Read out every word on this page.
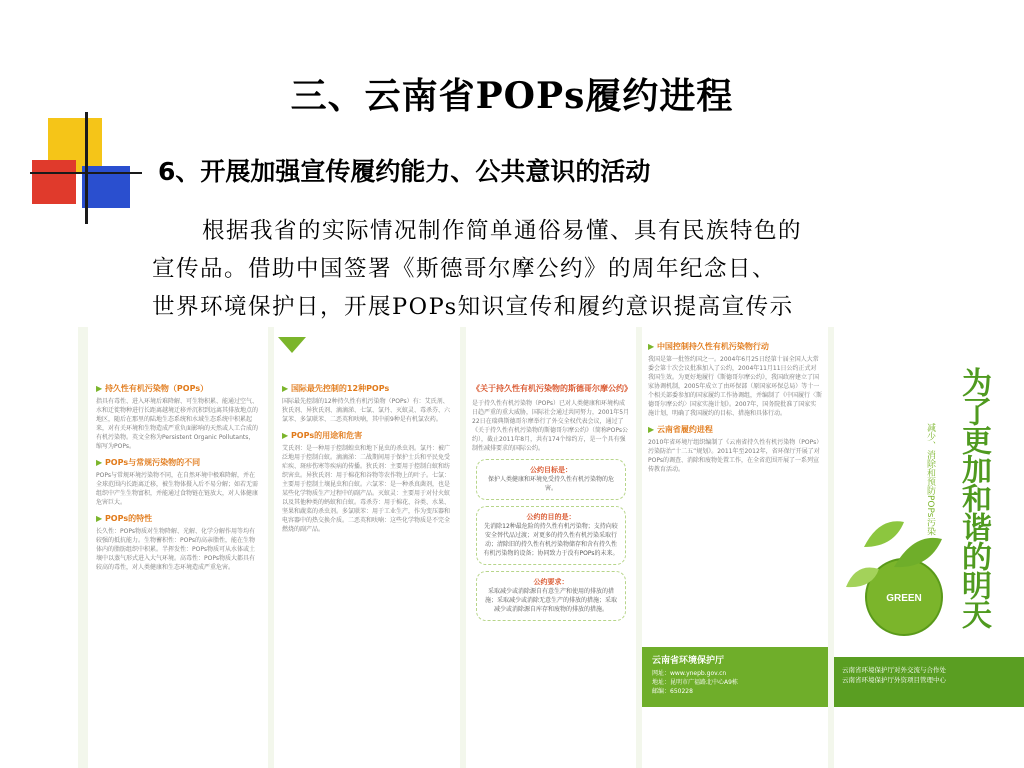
三、云南省POPs履约进程
6、开展加强宣传履约能力、公共意识的活动
根据我省的实际情况制作简单通俗易懂、具有民族特色的
宣传品。借助中国签署《斯德哥尔摩公约》的周年纪念日、
世界环境保护日，开展POPs知识宣传和履约意识提高宣传示
▶ 持久性有机污染物（POPs）
指具有毒性、进入环境后难降解、可生物积累、能通过空气、水和迁徙物种进行长距离越境迁移并沉积到远离其排放地点的地区，随后在那里的陆地生态系统和水域生态系统中积累起来，对有关环境和生物造成严重负面影响的天然或人工合成的有机污染物。英文全称为Persistent Organic Pollutants，缩写为POPs。
▶ POPs与常规污染物的不同
POPs与常规环境污染物不同，在自然环境中极难降解，并在全球范围内长距离迁移，被生物体摄入后不易分解；如若无需组织中产生生物富积，并能通过食物链在链放大，对人体健康危害巨大。
▶ POPs的特性
长久性：POPs物质对生物降解、光解、化学分解作用等均有较强的抵抗能力。生物蓄积性：POPs的高亲脂性，能在生物体内的脂肪组织中积累。半挥发性：POPs物质可从水体或土壤中以蒸气形式进入大气环境。高毒性：POPs物质大都具有较高的毒性，对人类健康和生态环境造成严重危害。
▶ 国际最先控制的12种POPs
国际最先控制的12种持久性有机污染物（POPs）有：艾氏剂、狄氏剂、异狄氏剂、滴滴涕、七氯、氯丹、灭蚁灵、毒杀芬、六氯苯、多氯联苯、二恶英和呋喃，其中前9种是有机氯农药。
▶ POPs的用途和危害
艾氏剂：是一种用于控制蝗虫和地下昆虫的杀虫剂。氯丹：被广泛地用于控制白蚁。滴滴涕：二战期间用于保护士兵和平民免受疟疾、斑疹伤寒等疾病的传播。狄氏剂：主要用于控制白蚁和纺织害虫。异狄氏剂：用于棉花和谷物等农作物上的叶子。七氯：主要用于控制土壤昆虫和白蚁。六氯苯：是一种杀真菌剂，也是某些化学物质生产过程中的副产品。灭蚁灵：主要用于对付火蚁以及其他种类的蚂蚁和白蚁。毒杀芬：用于棉花、谷类、水果、坚果和蔬菜的杀虫剂。多氯联苯：用于工业生产，作为变压器和电容器中的热交换介质。二恶英和呋喃：这些化学物质是不完全燃烧的副产品。
《关于持久性有机污染物的斯德哥尔摩公约》
是于持久性有机污染物（POPs）已对人类健康和环境构成日趋严重的重大威胁，国际社会通过共同努力，2001年5月22日在瑞典斯德哥尔摩举行了外交全权代表会议，通过了《关于持久性有机污染物的斯德哥尔摩公约》（简称POPs公约），截止2011年8月，共有174个缔约方，是一个具有强制性减排要求的国际公约。
公约目标是：
保护人类健康和环境免受持久性有机污染物的危害。
公约的目的是：
先消除12种最危险的持久性有机污染物；支持向较安全替代品过渡；对更多的持久性有机污染采取行动；清除旧的持久性有机污染物储存和含有持久性有机污染物的设备；协同致力于没有POPs的未来。
公约要求：
采取减少或消除源自有意生产和使用的排放的措施；采取减少或消除无意生产的排放的措施；采取减少或消除源自库存和废物的排放的措施。
▶ 中国控制持久性有机污染物行动
我国是第一批签约国之一。2004年6月25日经第十届全国人大常委会第十次会议批准加入了公约，2004年11月11日公约正式对我国生效。为更好地履行《斯德哥尔摩公约》，我国政府建立了国家协调机制，2005年成立了由环保部（原国家环保总局）等十一个相关部委参加的国家履约工作协调组，并编制了《中国履行〈斯德哥尔摩公约〉国家实施计划》。2007年，国务院批准了国家实施计划，明确了我国履约的目标、措施和具体行动。
▶ 云南省履约进程
2010年省环境厅组织编制了《云南省持久性有机污染物（POPs）污染防治“十二五”规划》。2011年至2012年，省环保厅开展了对POPs的调查、消除和废物处置工作，在全省范围开展了一系列宣传教育活动。
云南省环境保护厅
网址：www.ynepb.gov.cn
地址：昆明市广福路北中心A9栋
邮编：650228
为了更加和谐的明天
减少、消除和预防POPs污染
GREEN
云南省环境保护厅对外交流与合作处
云南省环境保护厅外资项目管理中心
